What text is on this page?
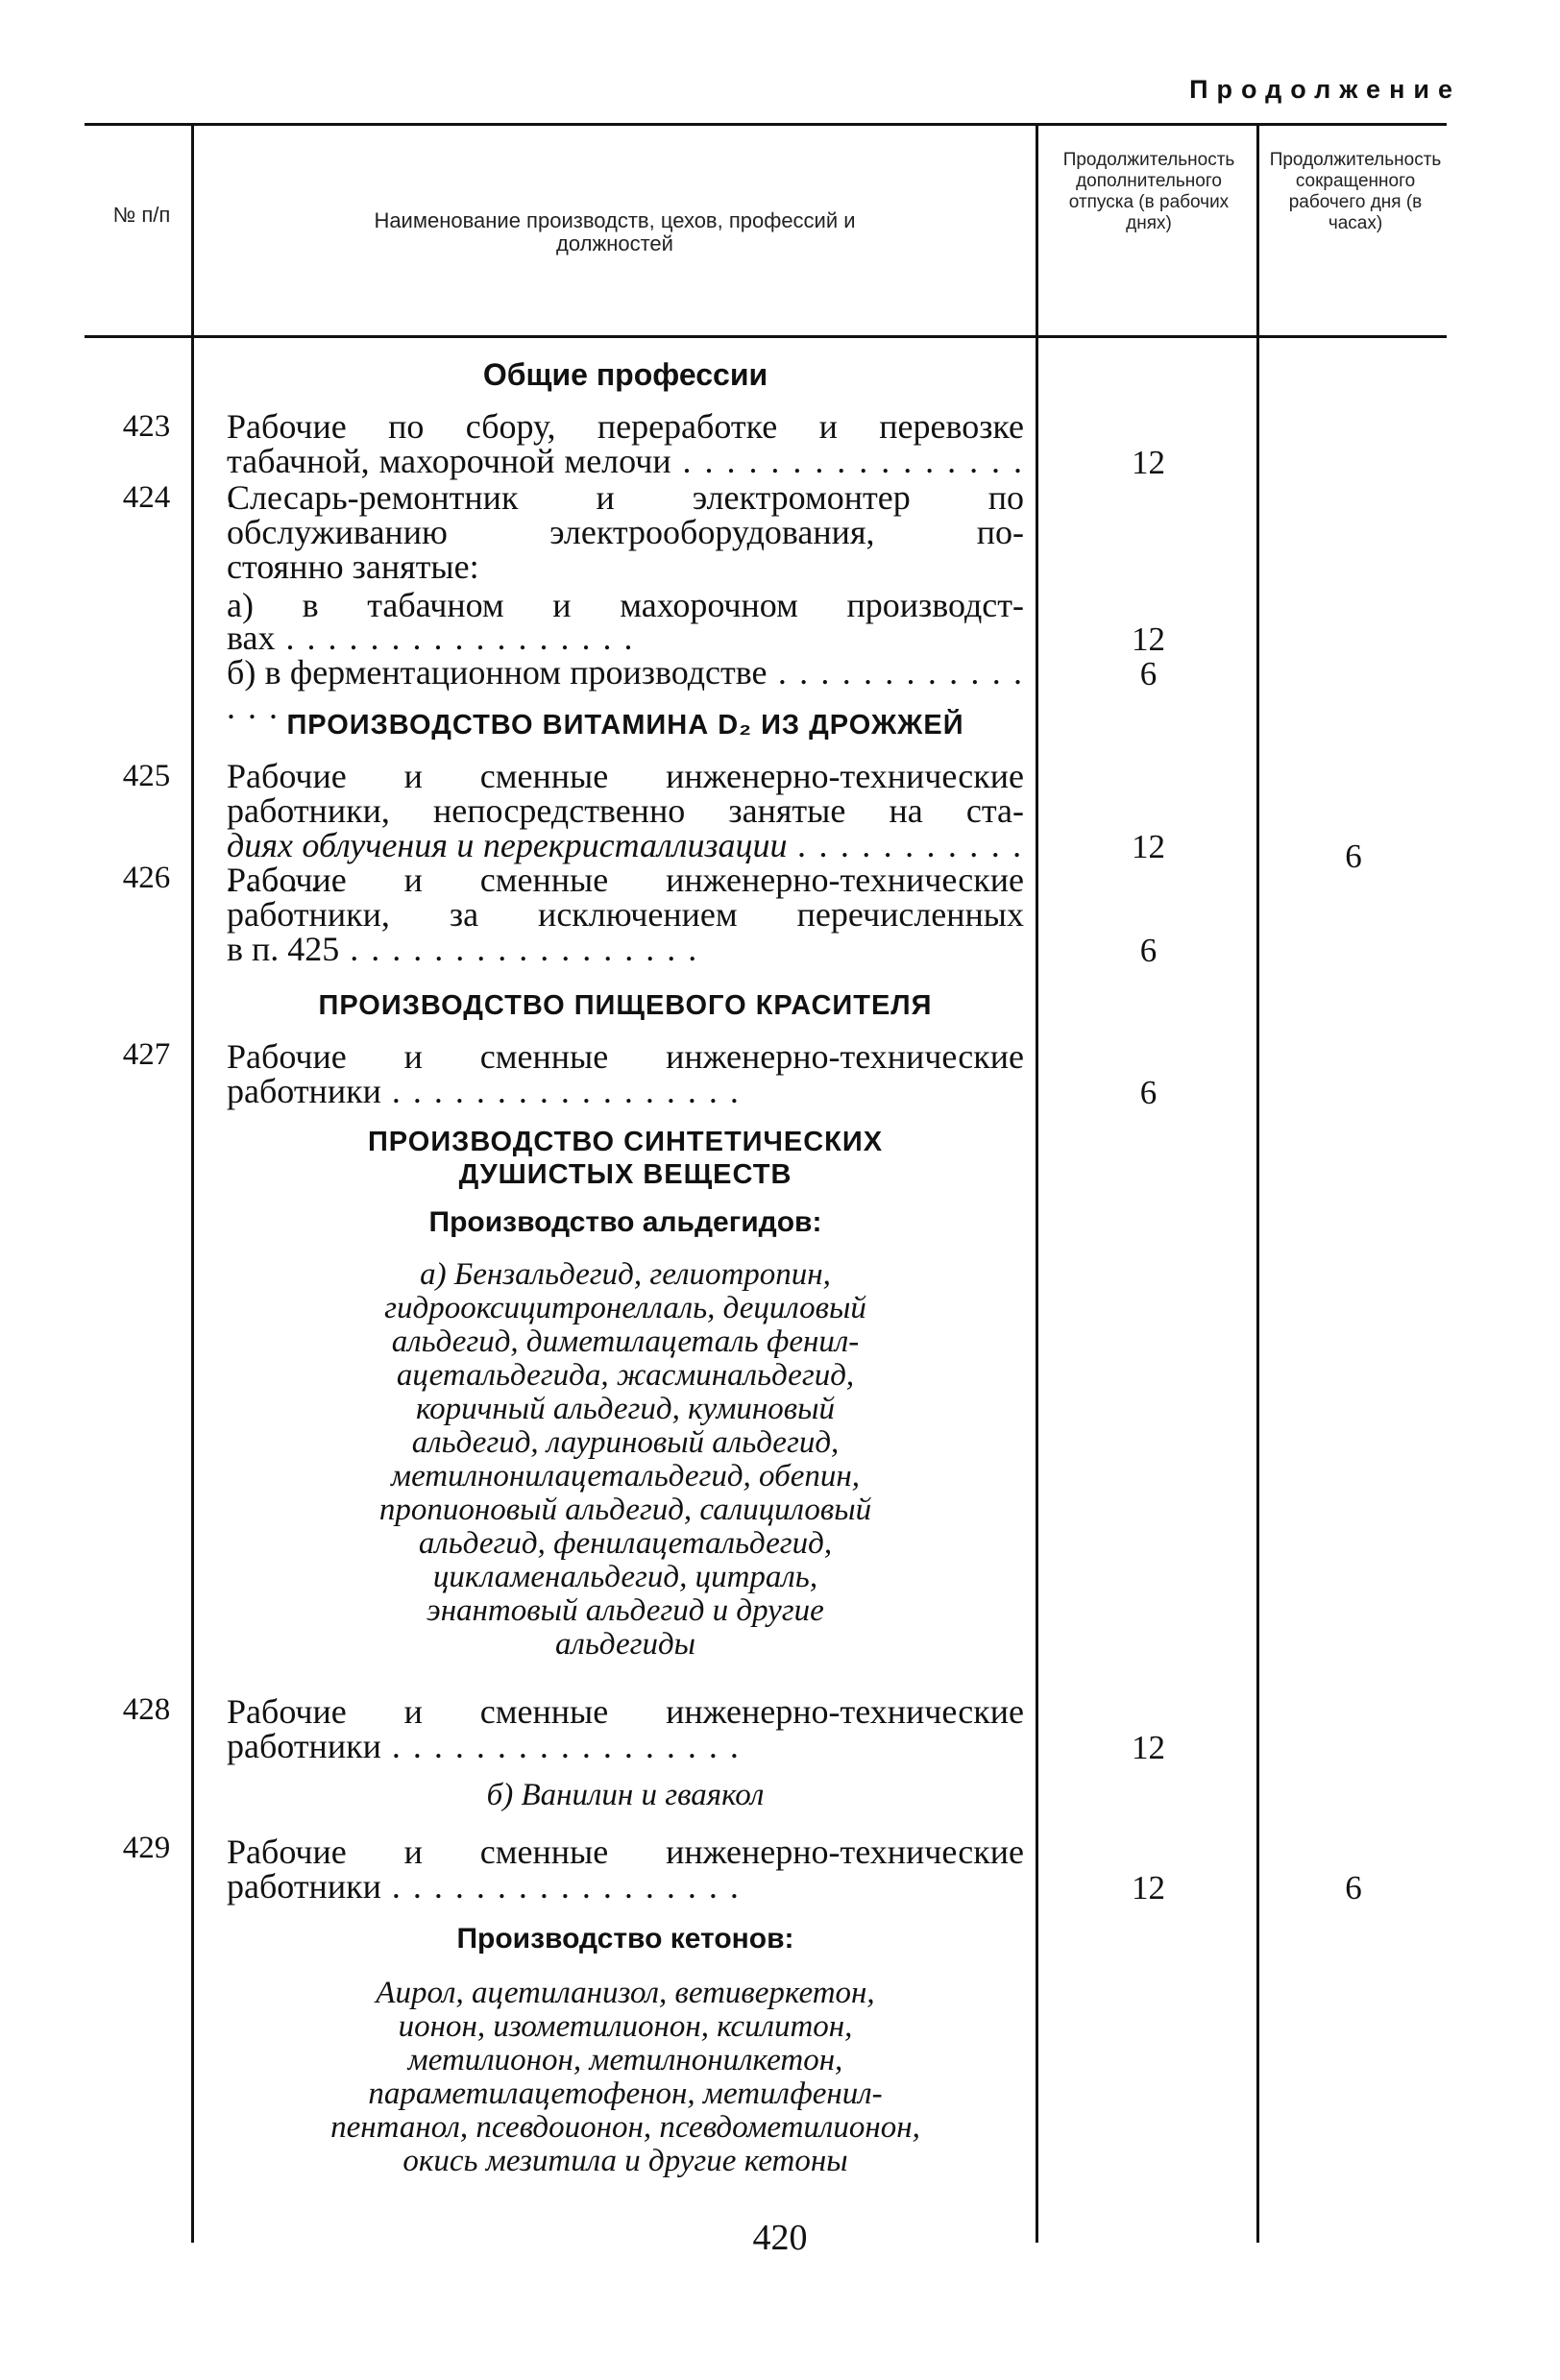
Продолжение
№ п/п	Наименование производств, цехов, профессий и должностей
Продолжительность дополнительного отпуска (в рабочих днях)
Продолжительность сокращенного рабочего дня (в часах)
Общие профессии
423	Рабочие по сбору, переработке и перевозке
табачной, махорочной мелочи . . .	12
424	Слесарь-ремонтник и электромонтер по
обслуживанию электрооборудования, по-
стоянно занятые:
а) в табачном и махорочном производст-
вах . . .	12
б) в ферментационном производстве . . .	6
ПРОИЗВОДСТВО ВИТАМИНА D₂ ИЗ ДРОЖЖЕЙ
425	Рабочие и сменные инженерно-технические
работники, непосредственно занятые на ста-
диях облучения и перекристаллизации . . .	12	6
426	Рабочие и сменные инженерно-технические
работники, за исключением перечисленных
в п. 425 . . .	6
ПРОИЗВОДСТВО ПИЩЕВОГО КРАСИТЕЛЯ
427	Рабочие и сменные инженерно-технические
работники . . .	6
ПРОИЗВОДСТВО СИНТЕТИЧЕСКИХ
ДУШИСТЫХ ВЕЩЕСТВ
Производство альдегидов:
а) Бензальдегид, гелиотропин,
гидрооксицитронеллаль, дециловый
альдегид, диметилацеталь фенил-
ацетальдегида, жасминальдегид,
коричный альдегид, куминовый
альдегид, лауриновый альдегид,
метилнонилацетальдегид, обепин,
пропионовый альдегид, салициловый
альдегид, фенилацетальдегид,
цикламенальдегид, цитраль,
энантовый альдегид и другие
альдегиды
428	Рабочие и сменные инженерно-технические
работники . . .	12
б) Ванилин и гваякол
429	Рабочие и сменные инженерно-технические
работники . . .	12	6
Производство кетонов:
Аирол, ацетиланизол, ветиверкетон,
ионон, изометилионон, ксилитон,
метилионон, метилнонилкетон,
параметилацетофенон, метилфенил-
пентанол, псевдоионон, псевдометилионон,
окись мезитила и другие кетоны
420
